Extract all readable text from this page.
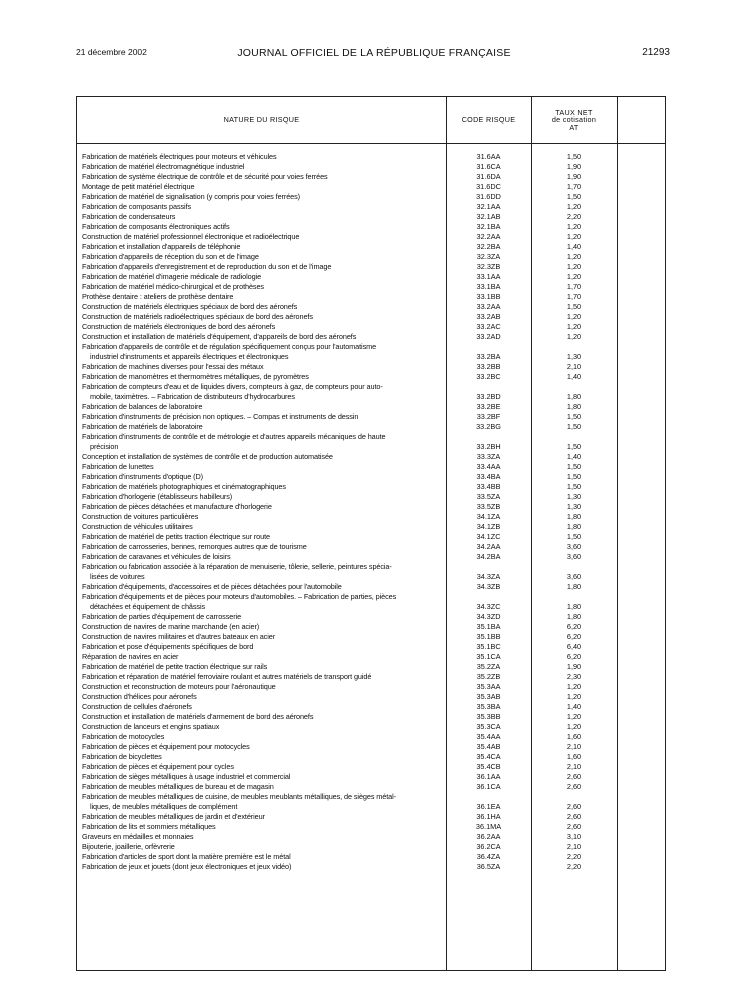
21 décembre 2002	JOURNAL OFFICIEL DE LA RÉPUBLIQUE FRANÇAISE	21293
NATURE DU RISQUE	CODE RISQUE
TAUX NET
de cotisation
AT
Fabrication de matériels électriques pour moteurs et véhicules	31.6AA	1,50
Fabrication de matériel électromagnétique industriel	31.6CA	1,90
Fabrication de système électrique de contrôle et de sécurité pour voies ferrées	31.6DA	1,90
Montage de petit matériel électrique	31.6DC	1,70
Fabrication de matériel de signalisation (y compris pour voies ferrées)	31.6DD	1,50
Fabrication de composants passifs	32.1AA	1,20
Fabrication de condensateurs	32.1AB	2,20
Fabrication de composants électroniques actifs	32.1BA	1,20
Construction de matériel professionnel électronique et radioélectrique	32.2AA	1,20
Fabrication et installation d'appareils de téléphonie	32.2BA	1,40
Fabrication d'appareils de réception du son et de l'image	32.3ZA	1,20
Fabrication d'appareils d'enregistrement et de reproduction du son et de l'image	32.3ZB	1,20
Fabrication de matériel d'imagerie médicale de radiologie	33.1AA	1,20
Fabrication de matériel médico-chirurgical et de prothèses	33.1BA	1,70
Prothèse dentaire : ateliers de prothèse dentaire	33.1BB	1,70
Construction de matériels électriques spéciaux de bord des aéronefs	33.2AA	1,50
Construction de matériels radioélectriques spéciaux de bord des aéronefs	33.2AB	1,20
Construction de matériels électroniques de bord des aéronefs	33.2AC	1,20
Construction et installation de matériels d'équipement, d'appareils de bord des aéronefs	33.2AD	1,20
Fabrication d'appareils de contrôle et de régulation spécifiquement conçus pour l'automatisme
industriel d'instruments et appareils électriques et électroniques	33.2BA	1,30
Fabrication de machines diverses pour l'essai des métaux	33.2BB	2,10
Fabrication de manomètres et thermomètres métalliques, de pyromètres	33.2BC	1,40
Fabrication de compteurs d'eau et de liquides divers, compteurs à gaz, de compteurs pour auto-
mobile, taximètres. – Fabrication de distributeurs d'hydrocarbures	33.2BD	1,80
Fabrication de balances de laboratoire	33.2BE	1,80
Fabrication d'instruments de précision non optiques. – Compas et instruments de dessin	33.2BF	1,50
Fabrication de matériels de laboratoire	33.2BG	1,50
Fabrication d'instruments de contrôle et de métrologie et d'autres appareils mécaniques de haute
précision	33.2BH	1,50
Conception et installation de systèmes de contrôle et de production automatisée	33.3ZA	1,40
Fabrication de lunettes	33.4AA	1,50
Fabrication d'instruments d'optique (D)	33.4BA	1,50
Fabrication de matériels photographiques et cinématographiques	33.4BB	1,50
Fabrication d'horlogerie (établisseurs habilleurs)	33.5ZA	1,30
Fabrication de pièces détachées et manufacture d'horlogerie	33.5ZB	1,30
Construction de voitures particulières	34.1ZA	1,80
Construction de véhicules utilitaires	34.1ZB	1,80
Fabrication de matériel de petits traction électrique sur route	34.1ZC	1,50
Fabrication de carrosseries, bennes, remorques autres que de tourisme	34.2AA	3,60
Fabrication de caravanes et véhicules de loisirs	34.2BA	3,60
Fabrication ou fabrication associée à la réparation de menuiserie, tôlerie, sellerie, peintures spécia-
lisées de voitures	34.3ZA	3,60
Fabrication d'équipements, d'accessoires et de pièces détachées pour l'automobile	34.3ZB	1,80
Fabrication d'équipements et de pièces pour moteurs d'automobiles. – Fabrication de parties, pièces
détachées et équipement de châssis	34.3ZC	1,80
Fabrication de parties d'équipement de carrosserie	34.3ZD	1,80
Construction de navires de marine marchande (en acier)	35.1BA	6,20
Construction de navires militaires et d'autres bateaux en acier	35.1BB	6,20
Fabrication et pose d'équipements spécifiques de bord	35.1BC	6,40
Réparation de navires en acier	35.1CA	6,20
Fabrication de matériel de petite traction électrique sur rails	35.2ZA	1,90
Fabrication et réparation de matériel ferroviaire roulant et autres matériels de transport guidé	35.2ZB	2,30
Construction et reconstruction de moteurs pour l'aéronautique	35.3AA	1,20
Construction d'hélices pour aéronefs	35.3AB	1,20
Construction de cellules d'aéronefs	35.3BA	1,40
Construction et installation de matériels d'armement de bord des aéronefs	35.3BB	1,20
Construction de lanceurs et engins spatiaux	35.3CA	1,20
Fabrication de motocycles	35.4AA	1,60
Fabrication de pièces et équipement pour motocycles	35.4AB	2,10
Fabrication de bicyclettes	35.4CA	1,60
Fabrication de pièces et équipement pour cycles	35.4CB	2,10
Fabrication de sièges métalliques à usage industriel et commercial	36.1AA	2,60
Fabrication de meubles métalliques de bureau et de magasin	36.1CA	2,60
Fabrication de meubles métalliques de cuisine, de meubles meublants métalliques, de sièges métal-
liques, de meubles métalliques de complément	36.1EA	2,60
Fabrication de meubles métalliques de jardin et d'extérieur	36.1HA	2,60
Fabrication de lits et sommiers métalliques	36.1MA	2,60
Graveurs en médailles et monnaies	36.2AA	3,10
Bijouterie, joaillerie, orfèvrerie	36.2CA	2,10
Fabrication d'articles de sport dont la matière première est le métal	36.4ZA	2,20
Fabrication de jeux et jouets (dont jeux électroniques et jeux vidéo)	36.5ZA	2,20
